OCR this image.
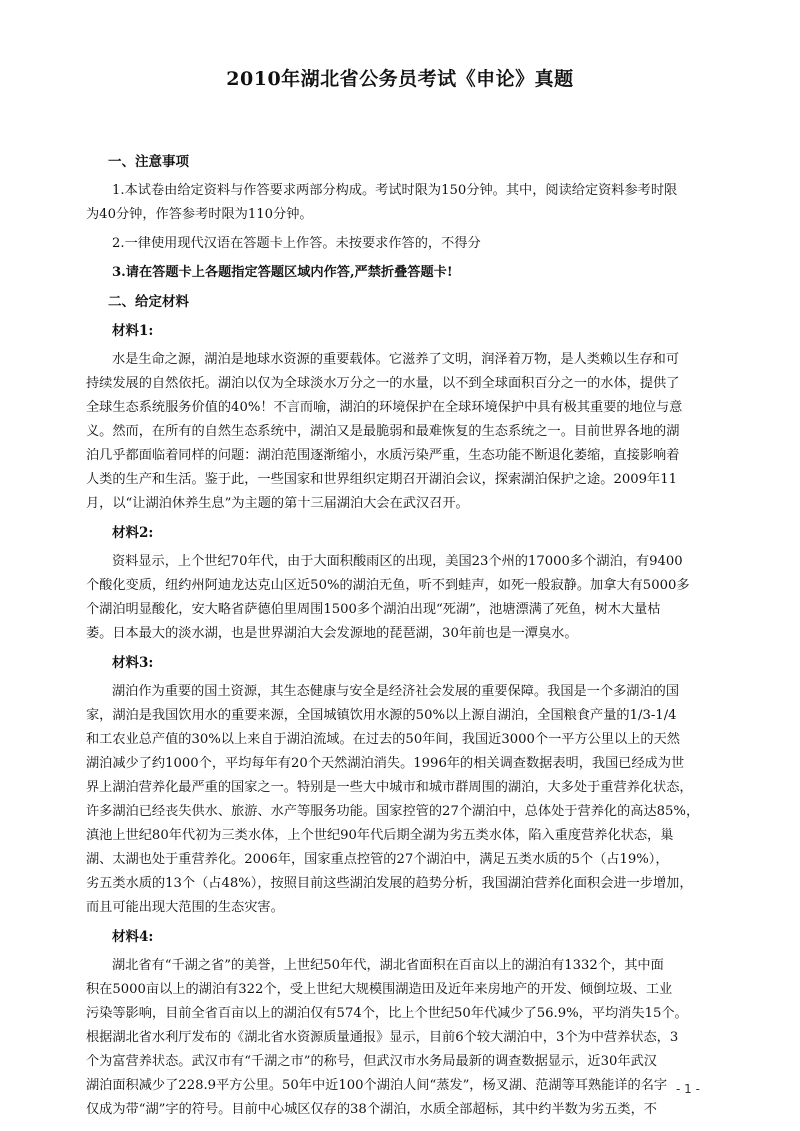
2010年湖北省公务员考试《申论》真题
一、注意事项
1.本试卷由给定资料与作答要求两部分构成。考试时限为150分钟。其中，阅读给定资料参考时限
为40分钟，作答参考时限为110分钟。
2.一律使用现代汉语在答题卡上作答。未按要求作答的，不得分
3.请在答题卡上各题指定答题区域内作答,严禁折叠答题卡!
二、给定材料
材料1:
水是生命之源，湖泊是地球水资源的重要载体。它滋养了文明，润泽着万物，是人类赖以生存和可
持续发展的自然依托。湖泊以仅为全球淡水万分之一的水量，以不到全球面积百分之一的水体，提供了
全球生态系统服务价值的40%！不言而喻，湖泊的环境保护在全球环境保护中具有极其重要的地位与意
义。然而，在所有的自然生态系统中，湖泊又是最脆弱和最难恢复的生态系统之一。目前世界各地的湖
泊几乎都面临着同样的问题：湖泊范围逐渐缩小，水质污染严重，生态功能不断退化萎缩，直接影响着
人类的生产和生活。鉴于此，一些国家和世界组织定期召开湖泊会议，探索湖泊保护之途。2009年11
月，以“让湖泊休养生息”为主题的第十三届湖泊大会在武汉召开。
材料2:
资料显示，上个世纪70年代，由于大面积酸雨区的出现，美国23个州的17000多个湖泊，有9400
个酸化变质，纽约州阿迪龙达克山区近50%的湖泊无鱼，听不到蛙声，如死一般寂静。加拿大有5000多
个湖泊明显酸化，安大略省萨德伯里周围1500多个湖泊出现“死湖”，池塘漂满了死鱼，树木大量枯
萎。日本最大的淡水湖，也是世界湖泊大会发源地的琵琶湖，30年前也是一潭臭水。
材料3:
湖泊作为重要的国土资源，其生态健康与安全是经济社会发展的重要保障。我国是一个多湖泊的国
家，湖泊是我国饮用水的重要来源，全国城镇饮用水源的50%以上源自湖泊，全国粮食产量的1/3-1/4
和工农业总产值的30%以上来自于湖泊流域。在过去的50年间，我国近3000个一平方公里以上的天然
湖泊减少了约1000个，平均每年有20个天然湖泊消失。1996年的相关调查数据表明，我国已经成为世
界上湖泊营养化最严重的国家之一。特别是一些大中城市和城市群周围的湖泊，大多处于重营养化状态，
许多湖泊已经丧失供水、旅游、水产等服务功能。国家控管的27个湖泊中，总体处于营养化的高达85%，
滇池上世纪80年代初为三类水体，上个世纪90年代后期全湖为劣五类水体，陷入重度营养化状态，巢
湖、太湖也处于重营养化。2006年，国家重点控管的27个湖泊中，满足五类水质的5个（占19%），
劣五类水质的13个（占48%），按照目前这些湖泊发展的趋势分析，我国湖泊营养化面积会进一步增加，
而且可能出现大范围的生态灾害。
材料4:
湖北省有“千湖之省”的美誉，上世纪50年代，湖北省面积在百亩以上的湖泊有1332个，其中面
积在5000亩以上的湖泊有322个，受上世纪大规模围湖造田及近年来房地产的开发、倾倒垃圾、工业
污染等影响，目前全省百亩以上的湖泊仅有574个，比上个世纪50年代减少了56.9%，平均消失15个。
根据湖北省水利厅发布的《湖北省水资源质量通报》显示，目前6个较大湖泊中，3个为中营养状态，3
个为富营养状态。武汉市有“千湖之市”的称号，但武汉市水务局最新的调查数据显示，近30年武汉
湖泊面积减少了228.9平方公里。50年中近100个湖泊人间“蒸发”，杨叉湖、范湖等耳熟能详的名字
仅成为带“湖”字的符号。目前中心城区仅存的38个湖泊，水质全部超标，其中约半数为劣五类，不
- 1 -
